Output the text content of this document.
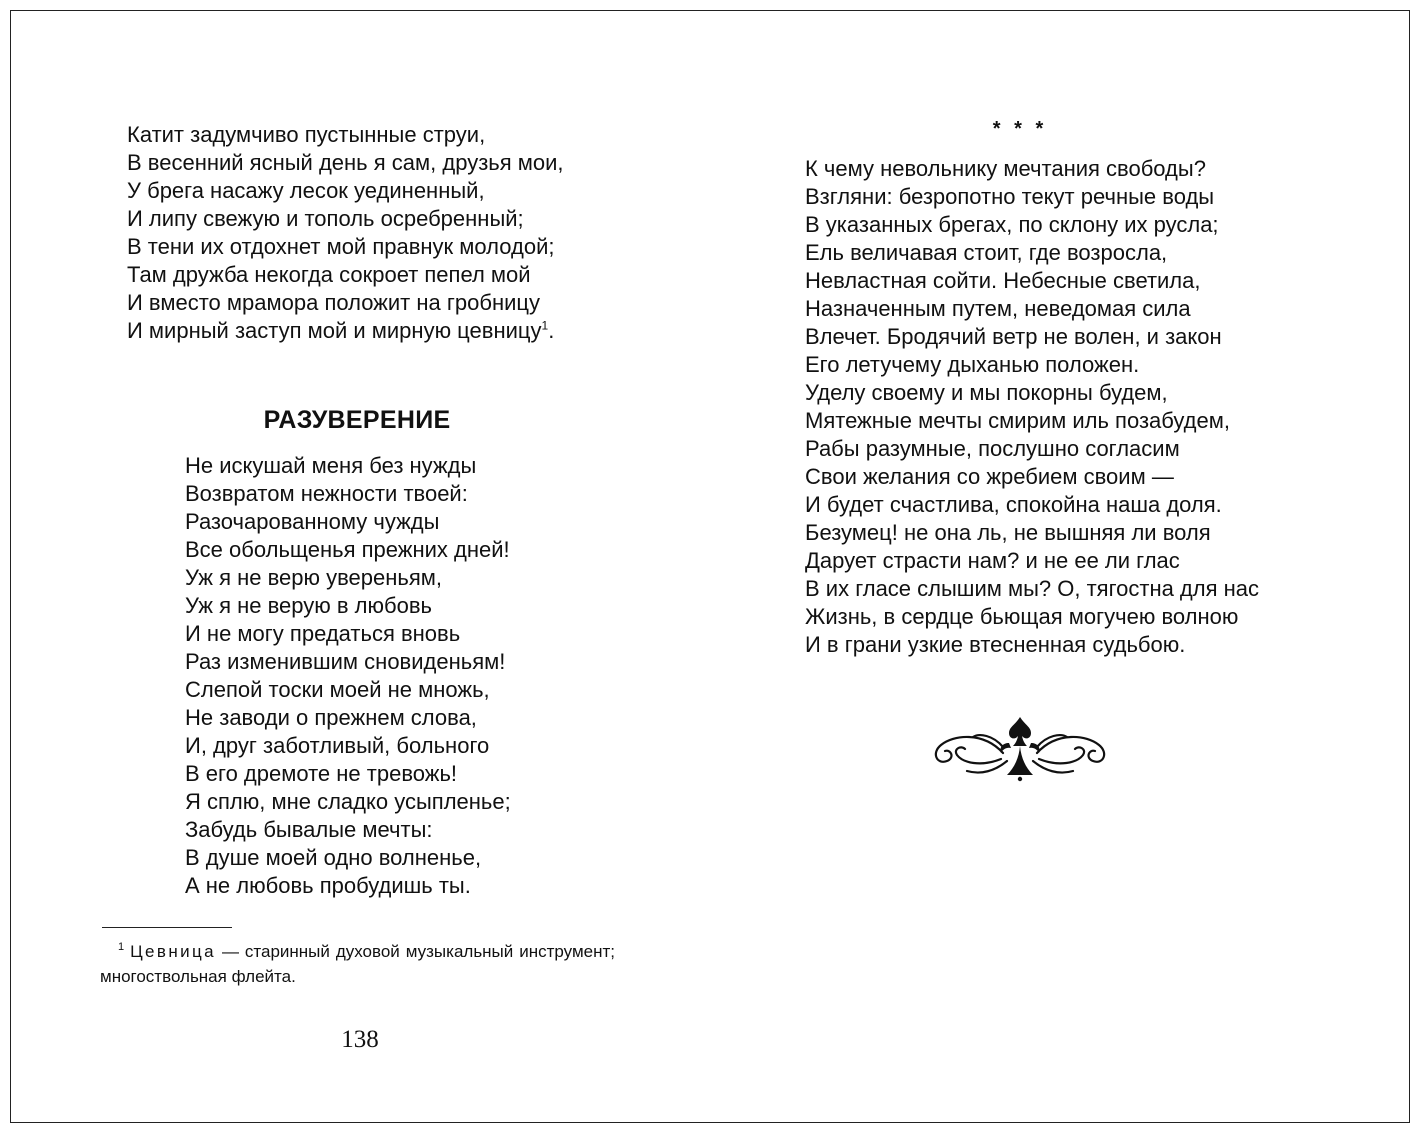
Катит задумчиво пустынные струи,
В весенний ясный день я сам, друзья мои,
У брега насажу лесок уединенный,
И липу свежую и тополь осребренный;
В тени их отдохнет мой правнук молодой;
Там дружба некогда сокроет пепел мой
И вместо мрамора положит на гробницу
И мирный заступ мой и мирную цевницу$^1$.
РАЗУВЕРЕНИЕ
Не искушай меня без нужды
Возвратом нежности твоей:
Разочарованному чужды
Все обольщенья прежних дней!
Уж я не верю увереньям,
Уж я не верую в любовь
И не могу предаться вновь
Раз изменившим сновиденьям!
Слепой тоски моей не множь,
Не заводи о прежнем слова,
И, друг заботливый, больного
В его дремоте не тревожь!
Я сплю, мне сладко усыпленье;
Забудь бывалые мечты:
В душе моей одно волненье,
А не любовь пробудишь ты.

$^1$ Цевница — старинный духовой музыкальный инструмент; многоствольная флейта.

138

* * *

К чему невольнику мечтания свободы?
Взгляни: безропотно текут речные воды
В указанных брегах, по склону их русла;
Ель величавая стоит, где возросла,
Невластная сойти. Небесные светила,
Назначенным путем, неведомая сила
Влечет. Бродячий ветр не волен, и закон
Его летучему дыханью положен.
Уделу своему и мы покорны будем,
Мятежные мечты смирим иль позабудем,
Рабы разумные, послушно согласим
Свои желания со жребием своим —
И будет счастлива, спокойна наша доля.
Безумец! не она ль, не вышняя ли воля
Дарует страсти нам? и не ее ли глас
В их гласе слышим мы? О, тягостна для нас
Жизнь, в сердце бьющая могучею волною
И в грани узкие втесненная судьбою.
